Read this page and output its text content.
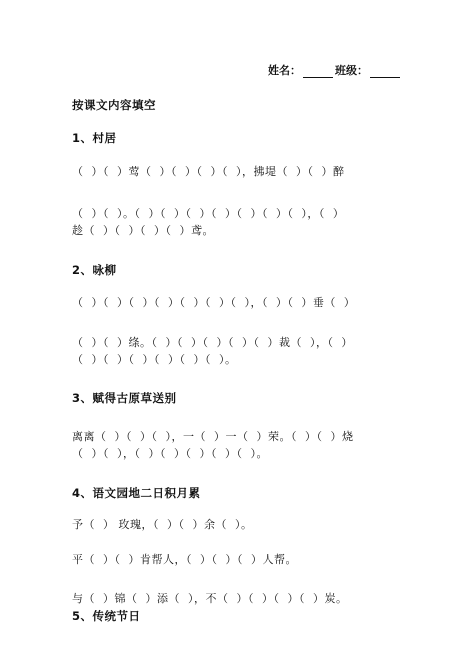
姓名：	班级：
按课文内容填空
1、村居
（  ）（  ）莺（  ）（  ）（  ）（  ），拂堤（  ）（  ）醉
（  ）（  ）。（  ）（  ）（  ）（  ）（  ）（  ）（  ），（  ）
趁（  ）（  ）（  ）（  ）鸢。
2、咏柳
（  ）（  ）（  ）（  ）（  ）（  ）（  ），（  ）（  ）垂（  ）
（  ）（  ）绦。（  ）（  ）（  ）（  ）（  ）裁（  ），（  ）
（  ）（  ）（  ）（  ）（  ）（  ）。
3、赋得古原草送别
离离（  ）（  ）（  ），一（  ）一（  ）荣。（  ）（  ）烧
（  ）（  ），（  ）（  ）（  ）（  ）（  ）。
4、语文园地二日积月累
予（  ） 玫瑰，（  ）（  ）余（  ）。
平（  ）（  ）肯帮人，（  ）（  ）（  ）人帮。
与（  ）锦（  ）添（  ），不（  ）（  ）（  ）（  ）炭。
5、传统节日
